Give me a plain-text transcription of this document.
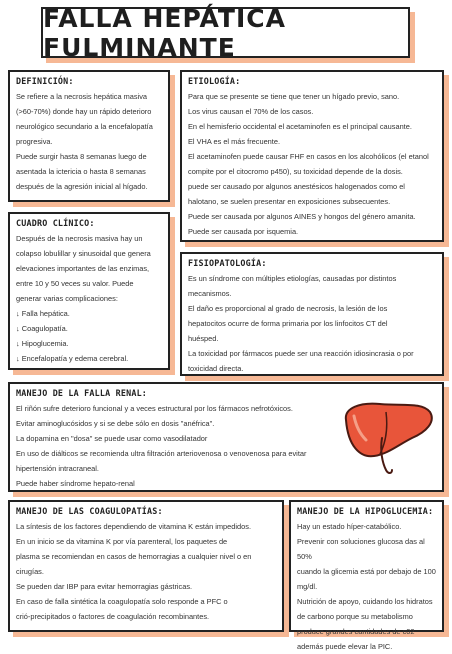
FALLA HEPÁTICA FULMINANTE
DEFINICIÓN:

Se refiere a la necrosis hepática masiva

(>60-70%) donde hay un rápido deterioro

neurológico secundario a la encefalopatía

progresiva.

Puede surgir hasta 8 semanas luego de

asentada la ictericia o hasta 8 semanas

después de la agresión inicial al hígado.

ETIOLOGÍA:

Para que se presente se tiene que tener un hígado previo, sano.

Los virus causan el 70% de los casos.

En el hemisferio occidental el acetaminofen es el principal causante.

El VHA es el más frecuente.

El acetaminofen puede causar FHF en casos en los alcohólicos (el etanol

compite por el citocromo p450), su toxicidad depende de la dosis.

puede ser causado por algunos anestésicos halogenados como el

halotano, se suelen presentar en exposiciones subsecuentes.

Puede ser causada por algunos AINES y hongos del género amanita.

Puede ser causada por isquemia.

CUADRO CLÍNICO:

Después de la necrosis masiva hay un

colapso lobulillar y sinusoidal que genera

elevaciones importantes de las enzimas,

entre 10 y 50 veces su valor. Puede

generar varias complicaciones:

↓ Falla hepática.

↓ Coagulopatía.

↓ Hipoglucemia.

↓ Encefalopatía y edema cerebral.

FISIOPATOLOGÍA:

Es un síndrome con múltiples etiologías, causadas por distintos

mecanismos.

El daño es proporcional al grado de necrosis, la lesión de los

hepatocitos ocurre de forma primaria por los linfocitos CT del

huésped.

La toxicidad por fármacos puede ser una reacción idiosincrasia o por

toxicidad directa.

MANEJO DE LA FALLA RENAL:

El riñón sufre deterioro funcional y a veces estructural por los fármacos nefrotóxicos.

Evitar aminoglucósidos y si se debe sólo en dosis "anéfrica".

La dopamina en "dosa" se puede usar como vasodilatador

En uso de diálticos se recomienda ultra filtración arteriovenosa o venovenosa para evitar

hipertensión intracraneal.

Puede haber síndrome hepato-renal

MANEJO DE LAS COAGULOPATÍAS:

La síntesis de los factores dependiendo de vitamina K están impedidos.

En un inicio se da vitamina K por vía parenteral, los paquetes de

plasma se recomiendan en casos de hemorragias a cualquier nivel o en

cirugías.

Se pueden dar IBP para evitar hemorragias gástricas.

En caso de falla sintética la coagulopatía solo responde a PFC o

crió-precipitados o factores de coagulación recombinantes.

MANEJO DE LA HIPOGLUCEMIA:

Hay un estado híper-catabólico.

Prevenir con soluciones glucosa das al 50%

cuando la glicemia está por debajo de 100

mg/dl.

Nutrición de apoyo, cuidando los hidratos

de carbono porque su metabolismo

produce grandes cantidades de c02

además puede elevar la PIC.
